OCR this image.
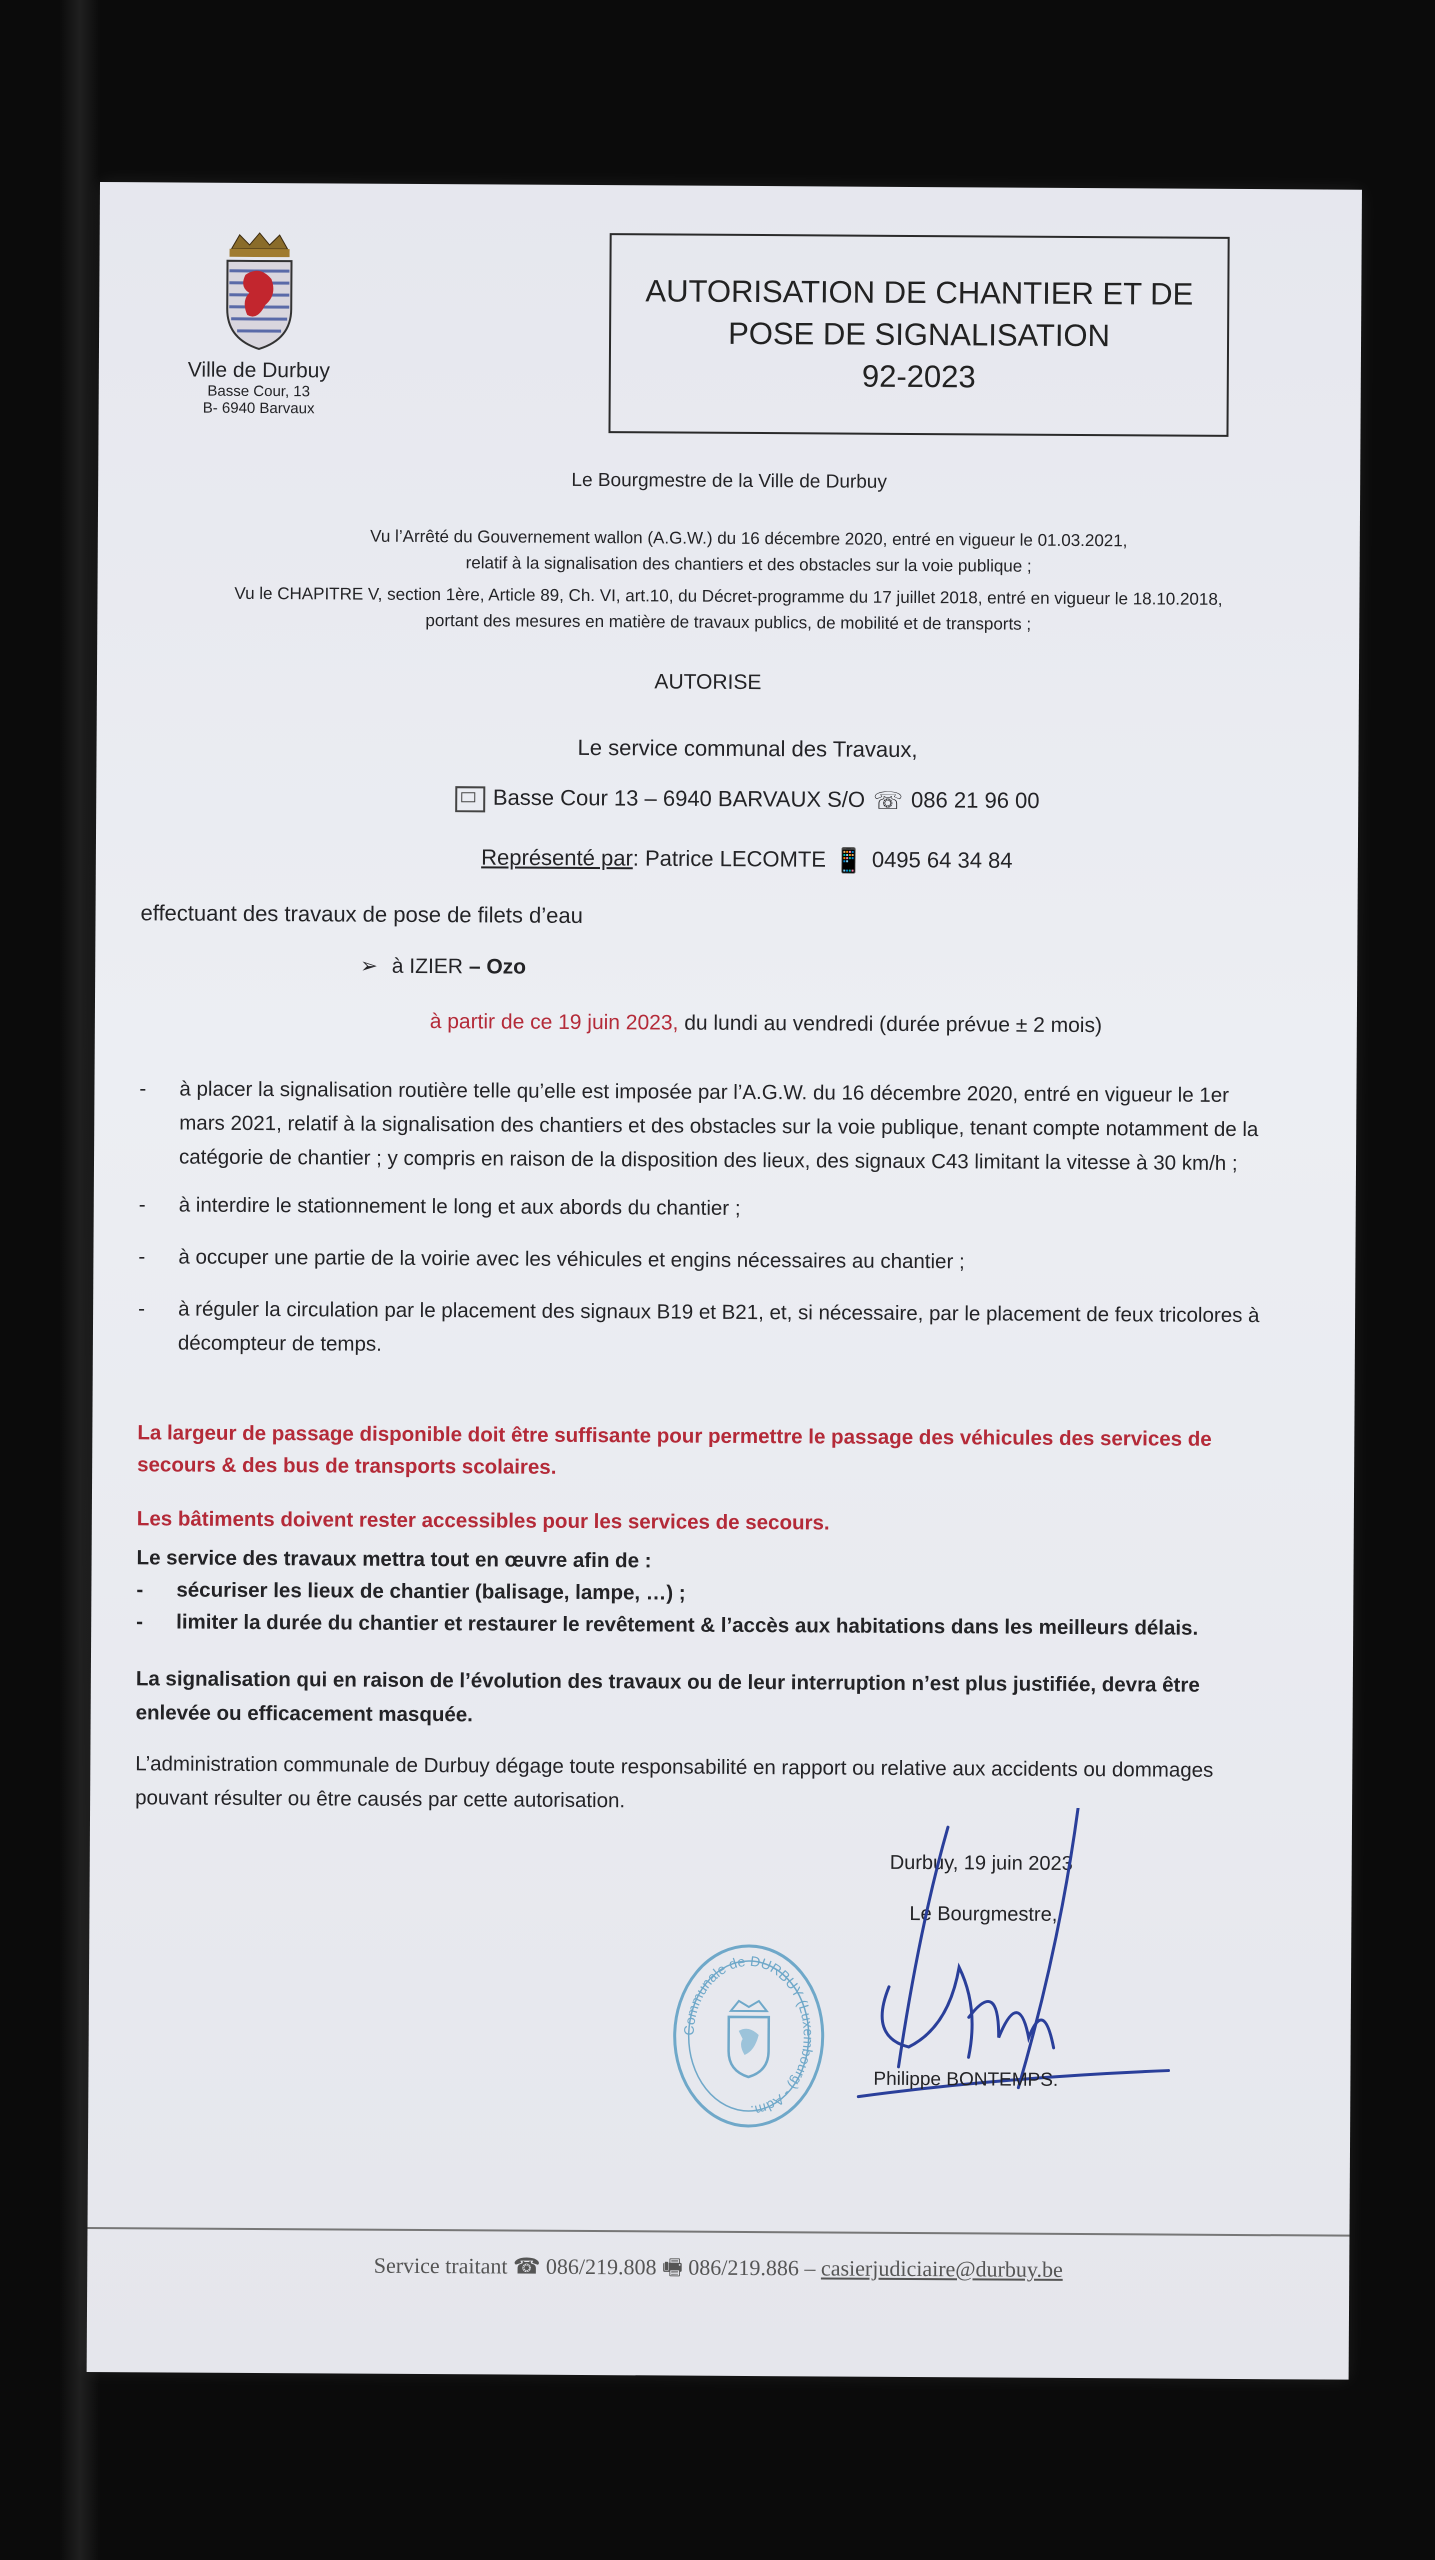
Ville de Durbuy
Basse Cour, 13
B- 6940 Barvaux
AUTORISATION DE CHANTIER ET DE
POSE DE SIGNALISATION
92-2023
Le Bourgmestre de la Ville de Durbuy
Vu l’Arrêté du Gouvernement wallon (A.G.W.) du 16 décembre 2020, entré en vigueur le 01.03.2021,
relatif à la signalisation des chantiers et des obstacles sur la voie publique ;
Vu le CHAPITRE V, section 1ère, Article 89, Ch. VI, art.10, du Décret-programme du 17 juillet 2018, entré en vigueur le 18.10.2018,
portant des mesures en matière de travaux publics, de mobilité et de transports ;
AUTORISE
Le service communal des Travaux,
Basse Cour 13 – 6940 BARVAUX S/O ☏ 086 21 96 00
Représenté par: Patrice LECOMTE 📱 0495 64 34 84
effectuant des travaux de pose de filets d’eau
➢ à IZIER – Ozo
à partir de ce 19 juin 2023, du lundi au vendredi (durée prévue ± 2 mois)
-	à placer la signalisation routière telle qu’elle est imposée par l’A.G.W. du 16 décembre 2020, entré en vigueur le 1er mars 2021, relatif à la signalisation des chantiers et des obstacles sur la voie publique, tenant compte notamment de la catégorie de chantier ; y compris en raison de la disposition des lieux, des signaux C43 limitant la vitesse à 30 km/h ;
-	à interdire le stationnement le long et aux abords du chantier ;
-	à occuper une partie de la voirie avec les véhicules et engins nécessaires au chantier ;
-	à réguler la circulation par le placement des signaux B19 et B21, et, si nécessaire, par le placement de feux tricolores à décompteur de temps.
La largeur de passage disponible doit être suffisante pour permettre le passage des véhicules des services de secours & des bus de transports scolaires.
Les bâtiments doivent rester accessibles pour les services de secours.
Le service des travaux mettra tout en œuvre afin de :
-	sécuriser les lieux de chantier (balisage, lampe, …) ;
-	limiter la durée du chantier et restaurer le revêtement & l’accès aux habitations dans les meilleurs délais.
La signalisation qui en raison de l’évolution des travaux ou de leur interruption n’est plus justifiée, devra être enlevée ou efficacement masquée.
L’administration communale de Durbuy dégage toute responsabilité en rapport ou relative aux accidents ou dommages pouvant résulter ou être causés par cette autorisation.
Durbuy, 19 juin 2023
Le Bourgmestre,
Philippe BONTEMPS.
Communale de DURBUY (Luxembourg) - Adm.
Service traitant ☎ 086/219.808 🖷 086/219.886 – casierjudiciaire@durbuy.be
